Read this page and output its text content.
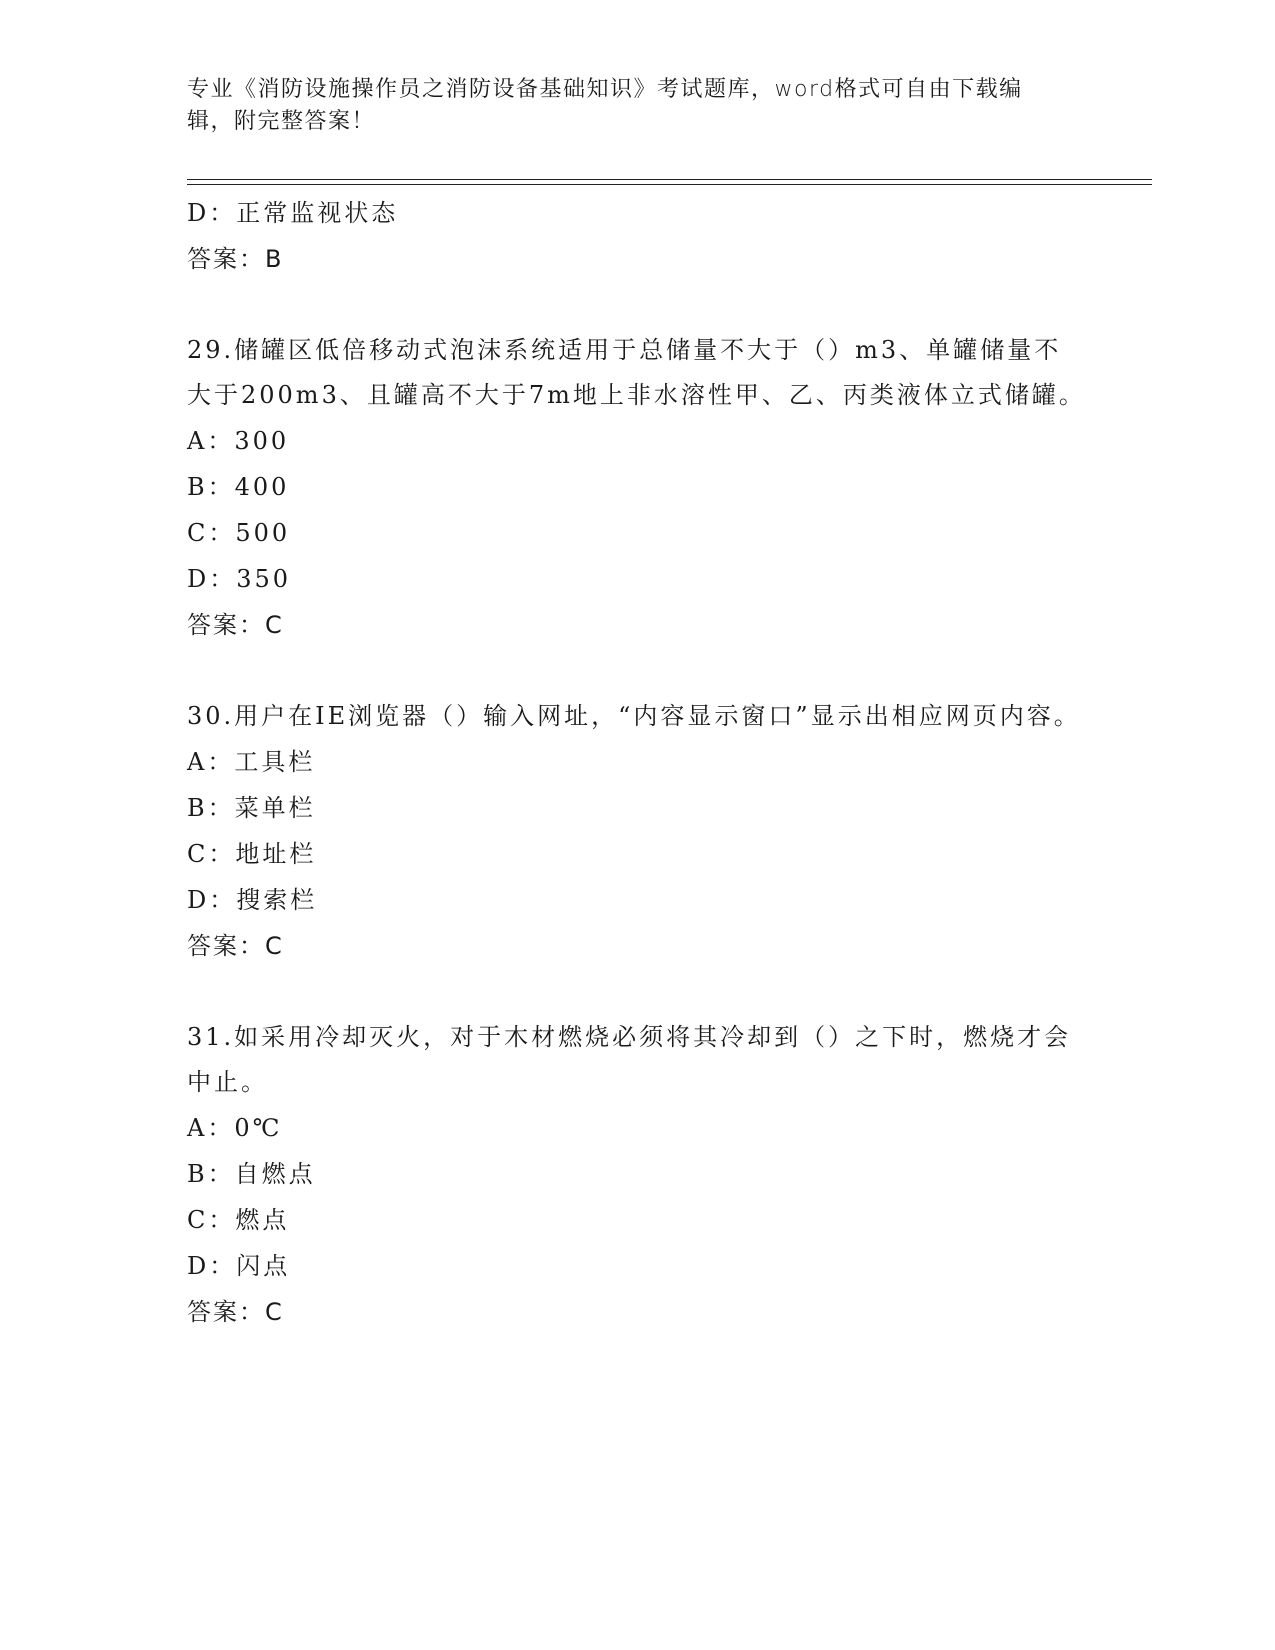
专业《消防设施操作员之消防设备基础知识》考试题库，word格式可自由下载编辑，附完整答案！
D：正常监视状态
答案：B
29.储罐区低倍移动式泡沫系统适用于总储量不大于（）m3、单罐储量不大于200m3、且罐高不大于7m地上非水溶性甲、乙、丙类液体立式储罐。
A：300
B：400
C：500
D：350
答案：C
30.用户在IE浏览器（）输入网址，“内容显示窗口”显示出相应网页内容。
A：工具栏
B：菜单栏
C：地址栏
D：搜索栏
答案：C
31.如采用冷却灭火，对于木材燃烧必须将其冷却到（）之下时，燃烧才会中止。
A：0℃
B：自燃点
C：燃点
D：闪点
答案：C
